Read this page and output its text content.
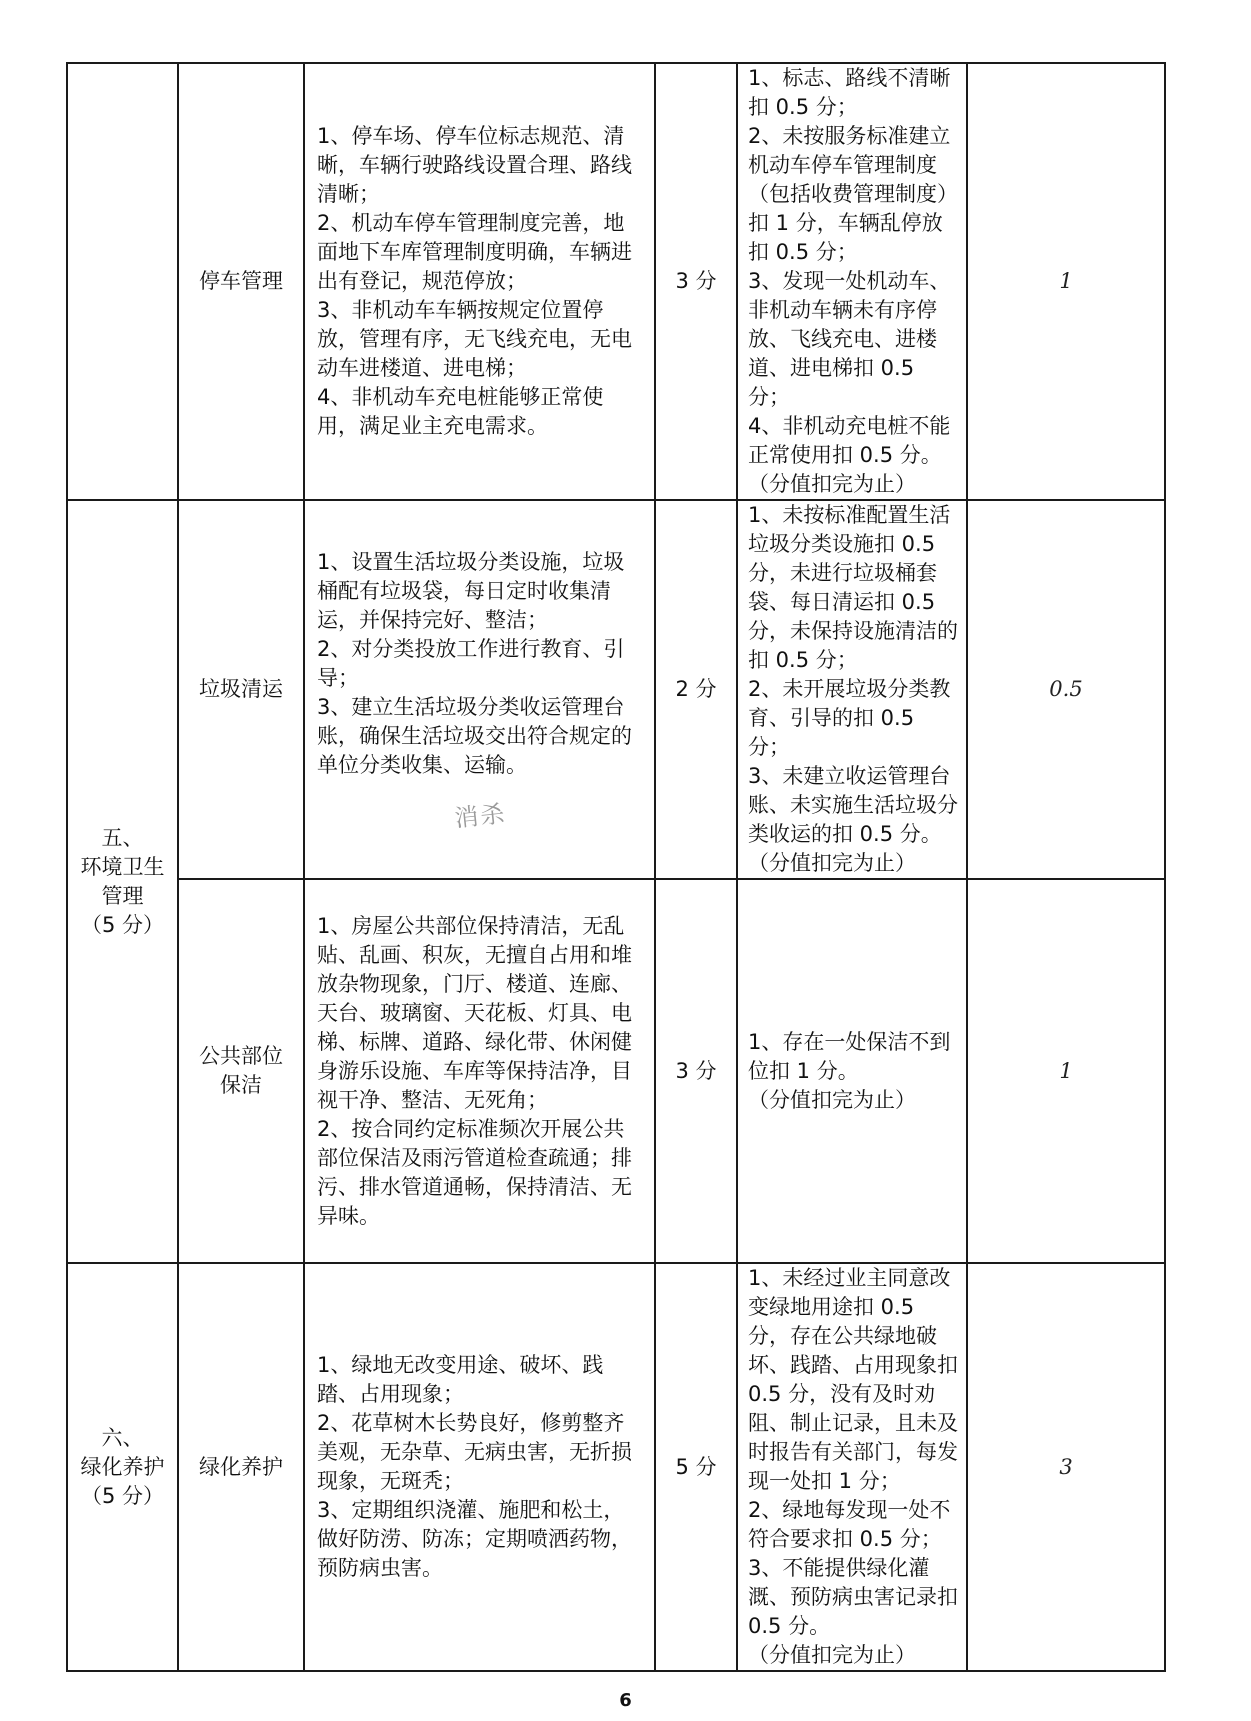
	停车管理	1、停车场、停车位标志规范、清晰，车辆行驶路线设置合理、路线清晰；
2、机动车停车管理制度完善，地面地下车库管理制度明确，车辆进出有登记，规范停放；
3、非机动车车辆按规定位置停放，管理有序，无飞线充电，无电动车进楼道、进电梯；
4、非机动车充电桩能够正常使用，满足业主充电需求。	3 分	1、标志、路线不清晰扣 0.5 分；
2、未按服务标准建立机动车停车管理制度（包括收费管理制度）扣 1 分，车辆乱停放扣 0.5 分；
3、发现一处机动车、非机动车辆未有序停放、飞线充电、进楼道、进电梯扣 0.5 分；
4、非机动充电桩不能正常使用扣 0.5 分。
（分值扣完为止）	1
五、
环境卫生
管理
（5 分）	垃圾清运	1、设置生活垃圾分类设施，垃圾桶配有垃圾袋，每日定时收集清运，并保持完好、整洁；
2、对分类投放工作进行教育、引导；
3、建立生活垃圾分类收运管理台账，确保生活垃圾交出符合规定的单位分类收集、运输。
消杀	2 分	1、未按标准配置生活垃圾分类设施扣 0.5 分，未进行垃圾桶套袋、每日清运扣 0.5 分，未保持设施清洁的扣 0.5 分；
2、未开展垃圾分类教育、引导的扣 0.5 分；
3、未建立收运管理台账、未实施生活垃圾分类收运的扣 0.5 分。
（分值扣完为止）	0.5
	公共部位
保洁	1、房屋公共部位保持清洁，无乱贴、乱画、积灰，无擅自占用和堆放杂物现象，门厅、楼道、连廊、天台、玻璃窗、天花板、灯具、电梯、标牌、道路、绿化带、休闲健身游乐设施、车库等保持洁净，目视干净、整洁、无死角；
2、按合同约定标准频次开展公共部位保洁及雨污管道检查疏通；排污、排水管道通畅，保持清洁、无异味。	3 分	1、存在一处保洁不到位扣 1 分。
（分值扣完为止）	1
六、
绿化养护
（5 分）	绿化养护	1、绿地无改变用途、破坏、践踏、占用现象；
2、花草树木长势良好，修剪整齐美观，无杂草、无病虫害，无折损现象，无斑秃；
3、定期组织浇灌、施肥和松土，做好防涝、防冻；定期喷洒药物，预防病虫害。	5 分	1、未经过业主同意改变绿地用途扣 0.5 分，存在公共绿地破坏、践踏、占用现象扣 0.5 分，没有及时劝阻、制止记录，且未及时报告有关部门，每发现一处扣 1 分；
2、绿地每发现一处不符合要求扣 0.5 分；
3、不能提供绿化灌溉、预防病虫害记录扣 0.5 分。
（分值扣完为止）	3
6
